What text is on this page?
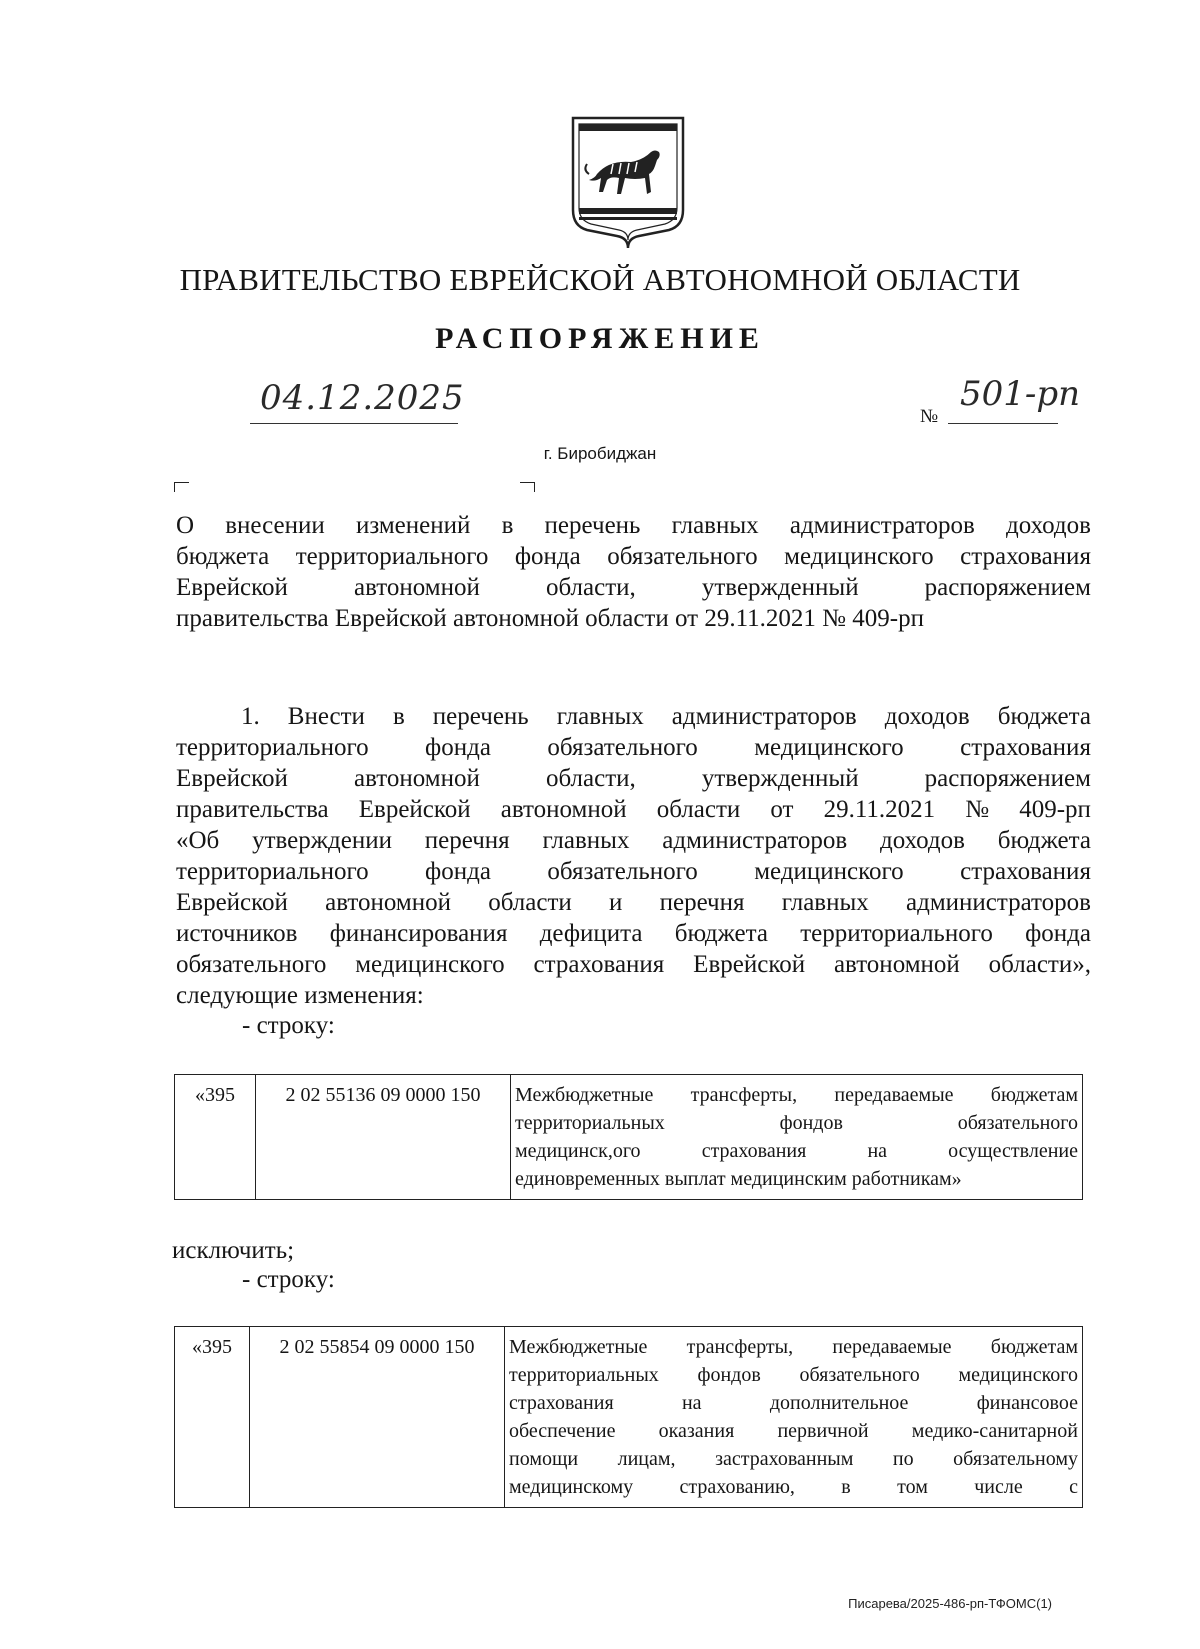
ПРАВИТЕЛЬСТВО ЕВРЕЙСКОЙ АВТОНОМНОЙ ОБЛАСТИ
РАСПОРЯЖЕНИЕ
04.12.2025	№
501-рп
г. Биробиджан
О внесении изменений в перечень главных администраторов доходов
бюджета территориального фонда обязательного медицинского страхования
Еврейской	автономной	области,	утвержденный	распоряжением
правительства Еврейской автономной области от 29.11.2021 № 409-рп
1. Внести в перечень главных администраторов доходов бюджета
территориального фонда обязательного медицинского страхования
Еврейской	автономной	области,	утвержденный	распоряжением
правительства Еврейской автономной области от 29.11.2021 № 409-рп
«Об утверждении перечня главных администраторов доходов бюджета
территориального фонда обязательного медицинского страхования
Еврейской автономной области и перечня главных администраторов
источников финансирования дефицита бюджета территориального фонда
обязательного медицинского страхования Еврейской автономной области»,
следующие изменения:
- строку:
«395	2 02 55136 09 0000 150	Межбюджетные трансферты, передаваемые бюджетам
территориальных	фондов	обязательного
медицинск,ого	страхования	на	осуществление
единовременных выплат медицинским работникам»
исключить;
- строку:
«395	2 02 55854 09 0000 150	Межбюджетные трансферты, передаваемые бюджетам
территориальных фондов обязательного медицинского
страхования	на	дополнительное	финансовое
обеспечение оказания первичной медико-санитарной
помощи лицам, застрахованным по обязательному
медицинскому страхованию, в том числе с
Писарева/2025-486-рп-ТФОМС(1)
